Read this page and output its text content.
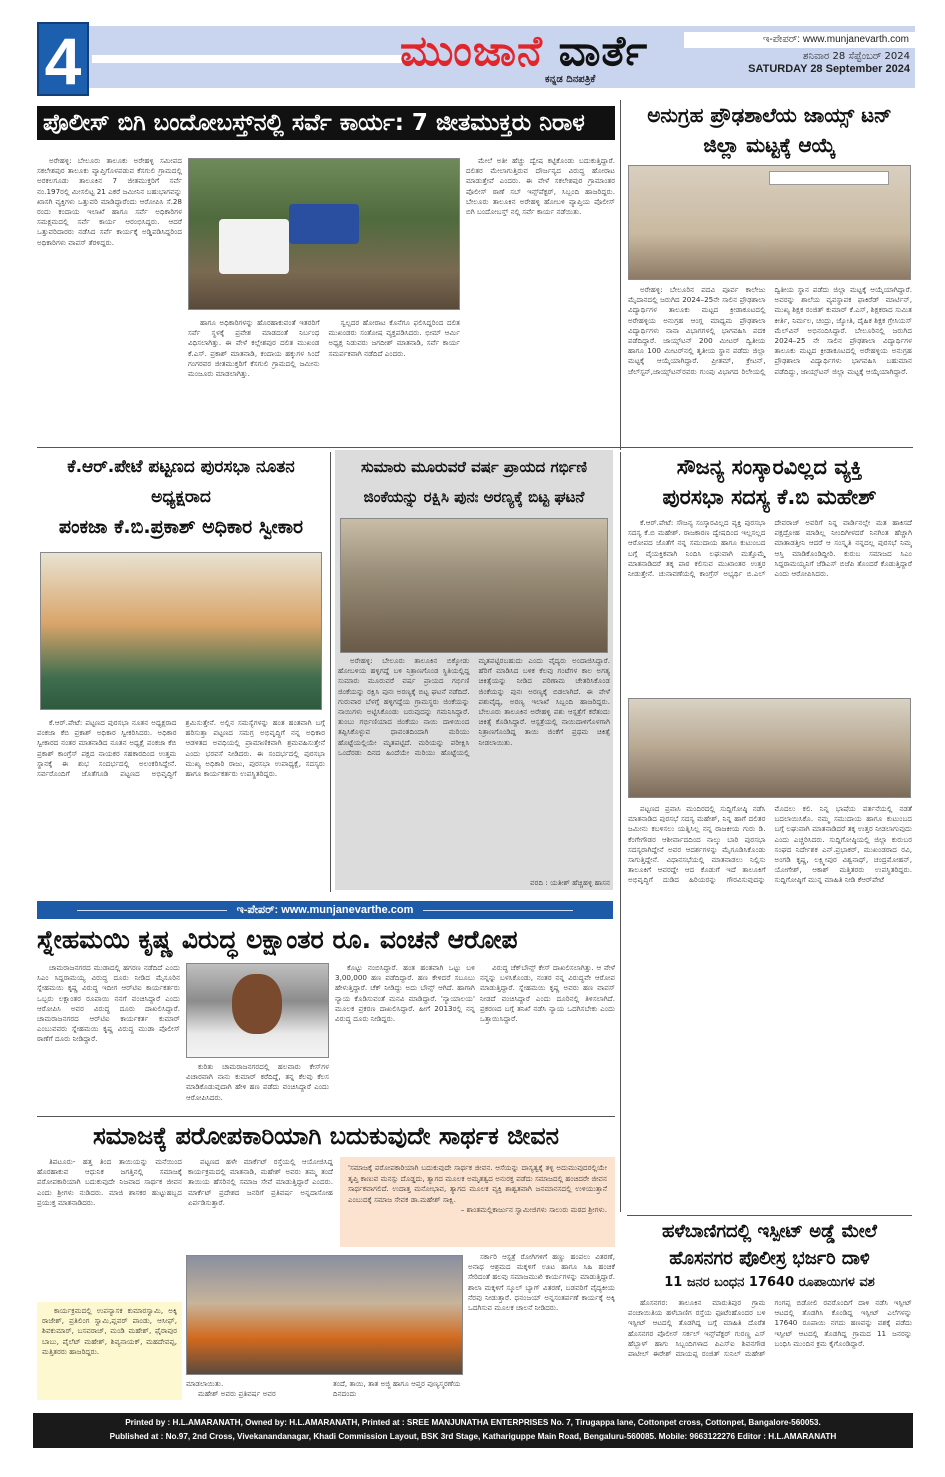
4	ಮುಂಜಾನೆ ವಾರ್ತೆ
ಕನ್ನಡ ದಿನಪತ್ರಿಕೆ
ಇ-ಪೇಪರ್: www.munjanevarth.com
ಶನಿವಾರ 28 ಸೆಪ್ಟೆಂಬರ್ 2024
SATURDAY 28 September 2024
ಪೊಲೀಸ್ ಬಿಗಿ ಬಂದೋಬಸ್ತ್‌ನಲ್ಲಿ ಸರ್ವೆ ಕಾರ್ಯ: 7 ಜೀತಮುಕ್ತರು ನಿರಾಳ

ಅರೇಹಳ್ಳಿ: ಬೇಲೂರು ತಾಲೂಕು ಅರೇಹಳ್ಳಿ ಸಮೀಪದ ಸಕಲೇಶಪುರ ತಾಲೂಕು ವ್ಯಾಪ್ತಿಗೊಳಪಡುವ ಕೆಸಗುಲಿ ಗ್ರಾಮದಲ್ಲಿ ಅರಕಲಗೂಡು ತಾಲೂಕಿನ 7 ಜೀತಮುಕ್ತರಿಗೆ ಸರ್ವೆ ನಂ.197ರಲ್ಲಿ ಮೀಸಲಿಟ್ಟ 21 ಎಕರೆ ಜಮೀನಿನ ಬಹುಭಾಗವನ್ನು ಖಾಸಗಿ ವ್ಯಕ್ತಿಗಳು ಒತ್ತುವರಿ ಮಾಡಿದ್ದಾರೆಂದು ಆರೋಪಿಸಿ ಸೆ.28 ರಂದು ಕಂದಾಯ ಇಲಾಖೆ ಹಾಗೂ ಸರ್ವೆ ಅಧಿಕಾರಿಗಳ ಸಮಕ್ಷಮದಲ್ಲಿ ಸರ್ವೆ ಕಾರ್ಯ ಆರಂಭಿಸಿದ್ದರು. ಆದರೆ ಒತ್ತುವರಿದಾರರು ನಡೆಸಿದ ಸರ್ವೆ ಕಾರ್ಯಕ್ಕೆ ಅಡ್ಡಿಪಡಿಸಿದ್ದರಿಂದ ಅಧಿಕಾರಿಗಳು ವಾಪಸ್ ತೆರಳಿದ್ದರು.

ಹಾಗೂ ಅಧಿಕಾರಿಗಳನ್ನು ಹೊರಹಾಕುವಂತೆ ಇತರರಿಗೆ ಸರ್ವೆ ಸ್ಥಳಕ್ಕೆ ಪ್ರವೇಶ ಮಾಡದಂತೆ ನಿರ್ಬಂಧ ವಿಧಿಸಲಾಗಿತ್ತು. ಈ ವೇಳೆ ಕಲ್ಲೇಶಪುರ ದಲಿತ ಮುಖಂಡ ಕೆ.ಎಸ್. ಪ್ರಕಾಶ್ ಮಾತನಾಡಿ, ಕಂದಾಯ ಹಕ್ಕುಗಳ ಸಿಂದೆ ಗಂಗರವರ ಜೀತಮುಕ್ತರಿಗೆ ಕೆಸಗುಲಿ ಗ್ರಾಮದಲ್ಲಿ ಜಮೀನು ಮಂಜೂರು ಮಾಡಲಾಗಿತ್ತು.

ಸ್ವಲ್ಪದರ ಹೋರಾಟ ಕೊನೆಗೂ ಫಲಿಸಿದ್ದರಿಂದ ದಲಿತ ಮುಖಂಡರು ಸಂತೋಷ ವ್ಯಕ್ತಪಡಿಸಿದರು. ಭೀಮ್ ಆರ್ಮಿ ಅಧ್ಯಕ್ಷ ನಿಡುವರು ಜಗದೀಶ್ ಮಾತನಾಡಿ, ಸರ್ವೆ ಕಾರ್ಯ ಸಮರ್ಪಕವಾಗಿ ನಡೆದಿದೆ ಎಂದರು.

ಮೇಲೆ ಅತೀ ಹೆಚ್ಚು ದ್ವೇಷ ಕಟ್ಟಿಕೊಂಡು ಬದುಕುತ್ತಿದ್ದಾರೆ. ದಲಿತರ ಮೇಲಾಗುತ್ತಿರುವ ದೌರ್ಜನ್ಯದ ವಿರುದ್ಧ ಹೋರಾಟ ಮಾಡುತ್ತೇವೆ ಎಂದರು. ಈ ವೇಳೆ ಸಕಲೇಶಪುರ ಗ್ರಾಮಾಂತರ ಪೊಲೀಸ್ ಠಾಣೆ ಸಬ್ ಇನ್ಸ್‌ಪೆಕ್ಟರ್, ಸಿಬ್ಬಂದಿ ಹಾಜರಿದ್ದರು. ಬೇಲೂರು ತಾಲೂಕಿನ ಅರೇಹಳ್ಳಿ ಹೋಬಳಿ ವ್ಯಾಪ್ತಿಯ ಪೊಲೀಸ್ ಬಿಗಿ ಬಂದೋಬಸ್ತ್ ನಲ್ಲಿ ಸರ್ವೆ ಕಾರ್ಯ ನಡೆಯಿತು.

ಅನುಗ್ರಹ ಪ್ರೌಢಶಾಲೆಯ ಜಾಯ್ಸ್ ಟನ್ ಜಿಲ್ಲಾ ಮಟ್ಟಕ್ಕೆ ಆಯ್ಕೆ

ಅರೇಹಳ್ಳಿ: ಬೇಲೂರಿನ ಪದವಿ ಪೂರ್ವ ಕಾಲೇಜು ಮೈದಾನದಲ್ಲಿ ಜರುಗಿದ 2024–25ನೇ ಸಾಲಿನ ಪ್ರೌಢಶಾಲಾ ವಿದ್ಯಾರ್ಥಿಗಳ ತಾಲೂಕು ಮಟ್ಟದ ಕ್ರೀಡಾಕೂಟದಲ್ಲಿ ಅರೇಹಳ್ಳಿಯ ಅನುಗ್ರಹ ಆಂಗ್ಲ ಮಾಧ್ಯಮ ಪ್ರೌಢಶಾಲಾ ವಿದ್ಯಾರ್ಥಿಗಳು ನಾನಾ ವಿಭಾಗಗಳಲ್ಲಿ ಭಾಗವಹಿಸಿ ಪದಕ ಪಡೆದಿದ್ದಾರೆ. ಜಾಯ್ಸ್‌ಟನ್ 200 ಮೀಟರ್ ದ್ವಿತೀಯ ಹಾಗೂ 100 ಮೀಟರ್‌ನಲ್ಲಿ ತೃತೀಯ ಸ್ಥಾನ ಪಡೆದು ಜಿಲ್ಲಾ ಮಟ್ಟಕ್ಕೆ ಆಯ್ಕೆಯಾಗಿದ್ದಾರೆ. ಪ್ರೀತಮ್, ಕ್ರೇಟನ್, ಜೆಲ್‌ಸ್ಟನ್,ಜಾಯ್ಸ್‌ಟನ್‌ರವರು ಗುಂಪು ವಿಭಾಗದ ರಿಲೇಯಲ್ಲಿ ದ್ವಿತೀಯ ಸ್ಥಾನ ಪಡೆದು ಜಿಲ್ಲಾ ಮಟ್ಟಕ್ಕೆ ಆಯ್ಕೆಯಾಗಿದ್ದಾರೆ. ಅವರನ್ನು ಶಾಲೆಯ ವ್ಯವಸ್ಥಾಪಕ ಫಾಕಿರೆಡ್ ಮಾರ್ಟಿನ್, ಮುಖ್ಯ ಶಿಕ್ಷಕ ರಂಜಿತ್ ಕುಮಾರ್ ಕೆ.ಎಸ್, ಶಿಕ್ಷಕರಾದ ಸುಮಿತ ಕೀರ್ತಿ, ನಿರ್ಮಲ, ಚಂದ್ರು, ಜ್ಯೋತಿ, ದೈಹಿಕ ಶಿಕ್ಷಕ ಗ್ರೇಸಿಯಸ್ ಮೆಲ್‌ವಿನ್ ಅಭಿನಂದಿಸಿದ್ದಾರೆ. ಬೇಲೂರಿನಲ್ಲಿ ಜರುಗಿದ 2024–25 ನೇ ಸಾಲಿನ ಪ್ರೌಢಶಾಲಾ ವಿದ್ಯಾರ್ಥಿಗಳ ತಾಲೂಕು ಮಟ್ಟದ ಕ್ರೀಡಾಕೂಟದಲ್ಲಿ ಅರೇಹಳ್ಳಿಯ ಅನುಗ್ರಹ ಪ್ರೌಢಶಾಲಾ ವಿದ್ಯಾರ್ಥಿಗಳು ಭಾಗವಹಿಸಿ ಬಹುಮಾನ ಪಡೆದಿದ್ದು, ಜಾಯ್ಸ್‌ಟನ್ ಜಿಲ್ಲಾ ಮಟ್ಟಕ್ಕೆ ಆಯ್ಕೆಯಾಗಿದ್ದಾರೆ.

ಕೆ.ಆರ್.ಪೇಟೆ ಪಟ್ಟಣದ ಪುರಸಭಾ ನೂತನ ಅಧ್ಯಕ್ಷರಾದ
ಪಂಕಜಾ ಕೆ.ಬಿ.ಪ್ರಕಾಶ್ ಅಧಿಕಾರ ಸ್ವೀಕಾರ

ಕೆ.ಆರ್.ಪೇಟೆ: ಪಟ್ಟಣದ ಪುರಸಭಾ ನೂತನ ಅಧ್ಯಕ್ಷರಾದ ಪಂಕಜಾ ಕೆಬಿ ಪ್ರಕಾಶ್ ಅಧಿಕಾರ ಸ್ವೀಕರಿಸಿದರು. ಅಧಿಕಾರ ಸ್ವೀಕಾರದ ನಂತರ ಮಾತನಾಡಿದ ನೂತನ ಅಧ್ಯಕ್ಷೆ ಪಂಕಜಾ ಕೆಬಿ ಪ್ರಕಾಶ್ ಕಾಂಗ್ರೆಸ್ ಪಕ್ಷದ ನಾಯಕರ ಸಹಕಾರದಿಂದ ಉತ್ತಮ ಸ್ಥಾನಕ್ಕೆ ಈ ಶುಭ ಸಂದರ್ಭದಲ್ಲಿ ಅಲಂಕರಿಸಿದ್ದೇನೆ. ಸರ್ವರೊಂದಿಗೆ ಜೊತೆಗೂಡಿ ಪಟ್ಟಣದ ಅಭಿವೃದ್ಧಿಗೆ ಶ್ರಮಿಸುತ್ತೇನೆ. ಅಲ್ಲಿನ ಸಮಸ್ಯೆಗಳನ್ನು ಹಂತ ಹಂತವಾಗಿ ಬಗ್ಗೆ ಹರಿಸುತ್ತಾ ಪಟ್ಟಣದ ಸಮಗ್ರ ಅಭಿವೃದ್ಧಿಗೆ ನನ್ನ ಅಧಿಕಾರ ಆಡಳಿತದ ಅವಧಿಯಲ್ಲಿ ಪ್ರಾಮಾಣಿಕವಾಗಿ ಶ್ರಮವಹಿಸುತ್ತೇನೆ ಎಂದು ಭರವಸೆ ನೀಡಿದರು. ಈ ಸಂದರ್ಭದಲ್ಲಿ ಪುರಸಭಾ ಮುಖ್ಯ ಅಧಿಕಾರಿ ರಾಜು, ಪುರಸಭಾ ಉಪಾಧ್ಯಕ್ಷೆ, ಸದಸ್ಯರು ಹಾಗೂ ಕಾರ್ಯಕರ್ತರು ಉಪಸ್ಥಿತರಿದ್ದರು.

ಸುಮಾರು ಮೂರುವರೆ ವರ್ಷ ಪ್ರಾಯದ ಗರ್ಭಿಣಿ
ಜಿಂಕೆಯನ್ನು ರಕ್ಷಿಸಿ ಪುನಃ ಅರಣ್ಯಕ್ಕೆ ಬಿಟ್ಟ ಘಟನೆ

ಅರೇಹಳ್ಳಿ: ಬೇಲೂರು ತಾಲೂಕಿನ ಬಿಕ್ಕೋಡು ಹೋಬಳಿಯ ಹಳ್ಳಿಗದ್ದೆ ಬಳಿ ನಿತ್ರಾಣಗೊಂಡ ಸ್ಥಿತಿಯಲ್ಲಿದ್ದ ಸುಮಾರು ಮೂರುವರೆ ವರ್ಷ ಪ್ರಾಯದ ಗರ್ಭಿಣಿ ಜಿಂಕೆಯನ್ನು ರಕ್ಷಿಸಿ ಪುನಃ ಅರಣ್ಯಕ್ಕೆ ಬಿಟ್ಟ ಘಟನೆ ನಡೆದಿದೆ. ಗುರುವಾರ ಬೆಳಗ್ಗೆ ಹಳ್ಳಿಗದ್ದೆಯ ಗ್ರಾಮಸ್ಥರು ಜಿಂಕೆಯನ್ನು ನಾಯಿಗಳು ಅಟ್ಟಿಸಿಕೊಂಡು ಬರುವುದನ್ನು ಗಮನಿಸಿದ್ದಾರೆ. ತುಂಬು ಗರ್ಭಿಣಿಯಾದ ಜಿಂಕೆಯು ನಾಯಿ ದಾಳಿಯಿಂದ ತಪ್ಪಿಸಿಕೊಳ್ಳುವ ಧಾವಂತದಿಂದಾಗಿ ಮರಿಯು ಹೊಟ್ಟೆಯಲ್ಲಿಯೇ ಮೃತಪಟ್ಟಿದೆ. ಮರಿಯನ್ನು ಪರೀಕ್ಷಿಸಿ ಒಂದೆರಡು ದಿನದ ಹಿಂದೆಯೇ ಮರಿಯು ಹೊಟ್ಟೆಯಲ್ಲಿ ಮೃತಪಟ್ಟಿರಬಹುದು ಎಂದು ವೈದ್ಯರು ಅಂದಾಜಿಸಿದ್ದಾರೆ. ಹೆರಿಗೆ ಮಾಡಿಸಿದ ಬಳಿಕ ಕೆಲವು ಗಂಟೆಗಳ ಕಾಲ ಅಗತ್ಯ ಚಿಕಿತ್ಸೆಯನ್ನು ನೀಡಿದ ಪರಿಣಾಮ ಚೇತರಿಸಿಕೊಂಡ ಜಿಂಕೆಯನ್ನು ಪುನಃ ಅರಣ್ಯಕ್ಕೆ ಬಿಡಲಾಗಿದೆ. ಈ ವೇಳೆ ಪಶುವೈದ್ಯ, ಅರಣ್ಯ ಇಲಾಖೆ ಸಿಬ್ಬಂದಿ ಹಾಜರಿದ್ದರು. ಬೇಲೂರು ತಾಲೂಕಿನ ಅರೇಹಳ್ಳಿ ಪಶು ಆಸ್ಪತ್ರೆಗೆ ಕರೆತಂದು ಚಿಕಿತ್ಸೆ ಕೊಡಿಸಿದ್ದಾರೆ. ಆಸ್ಪತ್ರೆಯಲ್ಲಿ ನಾಯಿದಾಳಿಗೊಳಗಾಗಿ ನಿತ್ರಾಣಗೊಂಡಿದ್ದ ತಾಯಿ ಜಿಂಕೆಗೆ ಪ್ರಥಮ ಚಿಕಿತ್ಸೆ ನೀಡಲಾಯಿತು.

ವರದಿ : ಯತೀಶ್ ಹೆಚ್ಚಿಹಳ್ಳಿ ಹಾಸನ
ಸೌಜನ್ಯ ಸಂಸ್ಕಾರವಿಲ್ಲದ ವ್ಯಕ್ತಿ
ಪುರಸಭಾ ಸದಸ್ಯ ಕೆ.ಬಿ ಮಹೇಶ್

ಕೆ.ಆರ್.ಪೇಟೆ: ಸೌಜನ್ಯ ಸಂಸ್ಕಾರವಿಲ್ಲದ ವ್ಯಕ್ತಿ ಪುರಸಭಾ ಸದಸ್ಯ ಕೆ.ಬಿ ಮಹೇಶ್. ರಾಜಕಾರಣ ದ್ವೇಷದಿಂದ ಇಲ್ಲಸಲ್ಲದ ಆರೋಪದ ಜೊತೆಗೆ ನನ್ನ ಸಮುದಾಯ ಹಾಗೂ ಕುಟುಂಬದ ಬಗ್ಗೆ ವೈಯಕ್ತಿಕವಾಗಿ ನಿಂದಿಸಿ ಲಘುವಾಗಿ ಮತ್ತೊಮ್ಮೆ ಮಾತನಾಡಿದರೆ ತಕ್ಕ ಪಾಠ ಕಲಿಸುವ ಮುಖಾಂತರ ಉತ್ತರ ನೀಡುತ್ತೇನೆ. ಚುನಾವಣೆಯಲ್ಲಿ ಕಾಂಗ್ರೆಸ್ ಅಭ್ಯರ್ಥಿ ಬಿ.ಎಲ್ ದೇವರಾಜ್ ಅವರಿಗೆ ನಿನ್ನ ವಾರ್ಡಿನಲ್ಲೇ ಮತ ಹಾಕಿಸದೆ ಪಕ್ಷದ್ರೋಹ ಮಾಡಿಲ್ಲ ನೀಂದಿಗೀಳದರೆ ನಿನಗಿಂತ ಹೆಚ್ಚಾಗಿ ಮಾತಾಡತ್ತೀನಿ ಆದರೆ ಆ ಸಂಸ್ಕೃತಿ ನನ್ನದಲ್ಲ ಪುರಸಭೆ ನಿಮ್ಮ ಆಸ್ತಿ ಮಾಡಿಕೊಂಡಿದ್ದೀರಿ. ಕುರುಬ ಸಮಾಜದ ಸಿಎಂ ಸಿದ್ದರಾಮಯ್ಯನಿಗೆ ಜೆಡಿಎಸ್ ಬಿಜೆಪಿ ತೊಂದರೆ ಕೊಡುತ್ತಿದ್ದಾರೆ ಎಂದು ಆರೋಪಿಸಿದರು.

ಪಟ್ಟಣದ ಪ್ರವಾಸಿ ಮಂದಿರದಲ್ಲಿ ಸುದ್ದಿಗೋಷ್ಠಿ ನಡೆಸಿ ಮಾತನಾಡಿದ ಪುರಸಭೆ ಸದಸ್ಯ ಮಹೇಶ್, ನಿನ್ನ ಹಾಗೆ ದಲಿತರ ಜಮೀನು ಕಬಳಿಸಲು ಯತ್ನಿಸಿಲ್ಲ ನನ್ನ ರಾಜಕೀಯ ಗುರು ಡಿ. ಕೆಂಗೇಗೌಡರ ಆಶೀರ್ವಾದದಿಂದ ನಾಲ್ಕು ಬಾರಿ ಪುರಸಭಾ ಸದಸ್ಯರಾಗಿದ್ದೇನೆ ಅವರ ಆದರ್ಶಗಳನ್ನು ಮೈಗೂಡಿಸಿಕೊಂಡು ಸಾಗುತ್ತಿದ್ದೇನೆ. ವಿಧಾನಸಭೆಯಲ್ಲಿ ಮಾತನಾಡಲು ನಿಲ್ಲಿಸು ತಾಲೂಕಿಗೆ ಆವರದ್ದೇ ಆದ ಕೊಡುಗೆ ಇದೆ ತಾಲೂಕಿಗೆ ಅಭಿವೃದ್ಧಿಗೆ ದುಡಿದ ಹಿರಿಯರನ್ನು ಗೌರವಿಸುವುದನ್ನು ಮೊದಲು ಕಲಿ. ನಿನ್ನ ಭಾಷೆಯ ವರ್ತನೆಯಲ್ಲಿ ನಡತೆ ಬದಲಾಯಿಸಿಕೊ. ನಮ್ಮ ಸಮುದಾಯ ಹಾಗೂ ಕುಟುಂಬದ ಬಗ್ಗೆ ಲಘುವಾಗಿ ಮಾತನಾಡಿದರೆ ತಕ್ಕ ಉತ್ತರ ನೀಡಲಾಗುವುದು ಎಂದು ಎಚ್ಚರಿಸಿದರು. ಸುದ್ದಿಗೋಷ್ಠಿಯಲ್ಲಿ ಜಿಲ್ಲಾ ಕುರುಬರ ಸಂಘದ ನಿರ್ದೇಶಕ ಎನ್.ಪ್ರಭಾಕರ್, ಮುಖಂಡರಾದ ರವಿ, ಅಂಗಡಿ ಕೃಷ್ಣ, ಲಕ್ಷ್ಮೀಪುರ ವಿಶ್ವನಾಥ್, ಚಂದ್ರಮೋಹನ್, ಯೋಗೇಶ್, ಆಕಾಶ್ ಮತ್ತಿತರರು ಉಪಸ್ಥಿತರಿದ್ದರು. ಸುದ್ದಿಗೋಷ್ಠಿಗೆ ಮುನ್ನ ಮಾಹಿತಿ ನೀಡಿ ಕೆಆರ್‌ಪೇಟೆ

ಇ-ಪೇಪರ್: www.munjanevarthe.com
ಸ್ನೇಹಮಯಿ ಕೃಷ್ಣ ವಿರುದ್ಧ ಲಕ್ಷಾಂತರ ರೂ. ವಂಚನೆ ಆರೋಪ

ಚಾಮರಾಜನಗರದ ಮುಡಾದಲ್ಲಿ ಹಗರಣ ನಡೆದಿದೆ ಎಂದು ಸಿಎಂ ಸಿದ್ದರಾಮಯ್ಯ ವಿರುದ್ಧ ದೂರು ನೀಡಿದ ಮೈಸೂರಿನ ಸ್ನೇಹಮಯಿ ಕೃಷ್ಣ ವಿರುದ್ಧ ಇದೀಗ ಆರ್‌ಟಿಐ ಕಾರ್ಯಕರ್ತರು ಒಬ್ಬರು ಲಕ್ಷಾಂತರ ರೂಪಾಯಿ ನನಗೆ ವಂಚಿಸಿದ್ದಾರೆ ಎಂದು ಆರೋಪಿಸಿ ಅವರ ವಿರುದ್ಧ ದೂರು ದಾಖಲಿಸಿದ್ದಾರೆ. ಚಾಮರಾಜನಗರದ ಆರ್‌ಟಿಐ ಕಾರ್ಯಕರ್ತ ಕುಮಾರ್ ಎಂಬುವವರು ಸ್ನೇಹಮಯಿ ಕೃಷ್ಣ ವಿರುದ್ಧ ಮುಡಾ ಪೊಲೀಸ್ ಠಾಣೆಗೆ ದೂರು ನೀಡಿದ್ದಾರೆ.

ಕುರಿತು ಚಾಮರಾಜನಗರದಲ್ಲಿ ಹಲವಾರು ಕೇಸ್‌ಗಳ ವಿಚಾರವಾಗಿ ನಾನು ಕುಮಾರ್ ಕರೆದಿದ್ದೆ, ತನ್ನ ಕೆಲವು ಕೆಲಸ ಮಾಡಿಕೊಡುವುದಾಗಿ ಹೇಳಿ ಹಣ ಪಡೆದು ವಂಚಿಸಿದ್ದಾರೆ ಎಂದು ಆರೋಪಿಸಿದರು.

ಕೊಟ್ಟು ನಂಬಿಸಿದ್ದಾರೆ. ಹಂತ ಹಂತವಾಗಿ ಒಟ್ಟು ಬಳಿ 3,00,000 ಹಣ ಪಡೆದಿದ್ದಾರೆ. ಹಣ ಕೇಳಿದರೆ ಸಬೂಬು ಹೇಳುತ್ತಿದ್ದಾರೆ. ಚೆಕ್ ನೀಡಿದ್ದು ಅದು ಬೌನ್ಸ್ ಆಗಿದೆ. ಹಾಗಾಗಿ ನ್ಯಾಯ ಕೊಡಿಸುವಂತೆ ಮನವಿ ಮಾಡಿದ್ದಾರೆ. 'ನ್ಯಾಯಾಲಯ' ಮೂಲಕ ಪ್ರಕರಣ ದಾಖಲಿಸಿದ್ದಾರೆ. ಹೀಗೆ 2013ರಲ್ಲಿ ನನ್ನ ವಿರುದ್ಧ ದೂರು ನೀಡಿದ್ದರು.

ವಿರುದ್ಧ ಚೆಕ್‌ಬೌನ್ಸ್ ಕೇಸ್ ದಾಖಲಿಸಲಾಗಿತ್ತು. ಆ ವೇಳೆ ನನ್ನನ್ನು ಬಳಸಿಕೊಂಡು, ನಂತರ ನನ್ನ ವಿರುದ್ಧವೇ ಆರೋಪ ಮಾಡುತ್ತಿದ್ದಾರೆ. ಸ್ನೇಹಮಯಿ ಕೃಷ್ಣ ಅವರು ಹಣ ವಾಪಸ್ ನೀಡದೆ ವಂಚಿಸಿದ್ದಾರೆ ಎಂದು ದೂರಿನಲ್ಲಿ ತಿಳಿಸಲಾಗಿದೆ. ಪ್ರಕರಣದ ಬಗ್ಗೆ ತನಿಖೆ ನಡೆಸಿ ನ್ಯಾಯ ಒದಗಿಸಬೇಕು ಎಂದು ಒತ್ತಾಯಿಸಿದ್ದಾರೆ.

ಸಮಾಜಕ್ಕೆ ಪರೋಪಕಾರಿಯಾಗಿ ಬದುಕುವುದೇ ಸಾರ್ಥಕ ಜೀವನ

ತಿಪಟೂರು- ಹತ್ತ ತಿಂದ ತಾಯಿಯನ್ನು ಮನೆಯಿಂದ ಹೊರಹಾಕುವ ಆಧುನಿಕ ಜಗತ್ತಿನಲ್ಲಿ ಸಮಾಜಕ್ಕೆ ಪರೋಪಕಾರಿಯಾಗಿ ಬದುಕುವುದೇ ನಿಜವಾದ ಸಾರ್ಥಕ ಜೀವನ ಎಂದು ಶ್ರೀಗಳು ನುಡಿದರು. ಮಾಜಿ ಶಾಸಕರ ಹುಟ್ಟುಹಬ್ಬದ ಪ್ರಯುಕ್ತ ಮಾತನಾಡಿದರು.

ಕಾರ್ಯಕ್ರಮದಲ್ಲಿ ಉಪನ್ಯಾಸಕ ಕುಮಾರಸ್ವಾಮಿ, ಅಕ್ಕಿ ರಾಜೇಶ್, ಪ್ರತಿಲಿಂಗ ಸ್ವಾಮಿ,ಪ್ಲವರ್ ಪಾಂಡು, ಆಸೀಫ್, ಶಿವಕುಮಾರ್, ಬಸವರಾಜ್, ಮಂಡಿ ಮಹೇಶ್, ಫೈರಾಪುರ ಬಾಬು, ಪೈಲೆಟ್ ಮಹೇಶ್, ಶಿವ್ಯನಾಯಕ್, ಮಹದೇವಪ್ಪ, ಮತ್ತಿತರರು ಹಾಜರಿದ್ದರು.

ಪಟ್ಟಣದ ಹಳೇ ಮಾರ್ಕೆಟ್ ರಸ್ತೆಯಲ್ಲಿ ಆಯೋಜಿಸಿದ್ದ ಕಾರ್ಯಕ್ರಮದಲ್ಲಿ ಮಾತನಾಡಿ, ಮಹೇಶ್ ಅವರು ತಮ್ಮ ತಂದೆ ತಾಯಿಯ ಹೆಸರಿನಲ್ಲಿ ಸಮಾಜ ಸೇವೆ ಮಾಡುತ್ತಿದ್ದಾರೆ ಎಂದರು. ಮಾರ್ಕೆಟ್ ಪ್ರದೇಶದ ಜನರಿಗೆ ಪ್ರತಿವರ್ಷ ಅನ್ನದಾಸೋಹ ಏರ್ಪಡಿಸುತ್ತಾರೆ.

'ಸಮಾಜಕ್ಕೆ ಪರೋಪಕಾರಿಯಾಗಿ ಬದುಕುವುದೇ ಸಾರ್ಥಕ ಜೀವನ. ಆಸೆಯನ್ನು ದಾಸ್ಯತ್ವಕ್ಕೆ ತಳ್ಳಿ ಅದುಮುವುದರಲ್ಲಿಯೇ ತೃಪ್ತಿ ಕಾಣುವ ಮನಸ್ಸು ದೊಡ್ಡದು, ತ್ಯಾಗದ ಮೂಲಕ ಅಮೃತತ್ವದ ಅನುರಕ್ತ ಪಡೆದು ಸಮಾಜದಲ್ಲಿ ಹಂಚಿದರೇ ಜೀವನ ಸಾರ್ಥಕವಾಗಲಿದೆ. ಉದಾತ್ತ ಮನೋಭಾವ, ತ್ಯಾಗದ ಮೂಲಕ ವ್ಯಕ್ತಿ ಶಾಶ್ವತವಾಗಿ ಜನಮಾನಸದಲ್ಲಿ ಉಳಿಯುತ್ತಾನೆ ಎಂಬುದಕ್ಕೆ ಸಮಾಜ ಸೇವಕ ಡಾ.ಮಹೇಶ್ ಸಾಕ್ಷಿ.

– ಶಾಂತಮಲ್ಲಿಕಾರ್ಜುನ ಸ್ವಾಮೀಜಿಗಳು ಸಾಲುರು ಮಠದ ಶ್ರೀಗಳು.

ಮಾಡಲಾಯಿತು.
ಮಹೇಶ್ ಅವರು ಪ್ರತಿವರ್ಷ ಅವರ
ತಂದೆ, ತಾಯಿ, ತಾತ ಅಜ್ಜಿ ಹಾಗೂ ಆಪ್ತರ ಪುಣ್ಯಸ್ಮರಣೆಯ ದಿನದಂದು

ಸರ್ಕಾರಿ ಆಸ್ಪತ್ರೆ ರೋಗಿಗಳಿಗೆ ಹಣ್ಣು ಹಂಪಲು ವಿತರಣೆ, ಅನಾಥ ಆಶ್ರಮದ ಮಕ್ಕಳಿಗೆ ಊಟ ಹಾಗೂ ಸಿಹಿ ಹಂಚಿಕೆ ಸೇರಿದಂತೆ ಹಲವು ಸಮಾಜಮುಖಿ ಕಾರ್ಯಗಳನ್ನು ಮಾಡುತ್ತಿದ್ದಾರೆ. ಶಾಲಾ ಮಕ್ಕಳಿಗೆ ಸ್ಕೂಲ್ ಬ್ಯಾಗ್ ವಿತರಣೆ, ಬಡವರಿಗೆ ವೈದ್ಯಕೀಯ ನೆರವು ನೀಡುತ್ತಾರೆ. ಧನಂಜಯ್ ಅನ್ನಸಂತರ್ಪಣೆ ಕಾರ್ಯಕ್ಕೆ ಅಕ್ಕಿ ಒದಗಿಸುವ ಮೂಲಕ ಚಾಲನೆ ನೀಡಿದರು.

ಹಳೆಬಾಣಿಗದಲ್ಲಿ ಇಸ್ಪೀಟ್ ಅಡ್ಡೆ ಮೇಲೆ
ಹೊಸನಗರ ಪೊಲೀಸ್ರ ಭರ್ಜರಿ ದಾಳಿ
11 ಜನರ ಬಂಧನ 17640 ರೂಪಾಯಿಗಳ ವಶ

ಹೊಸನಗರ: ತಾಲೂಕಿನ ಮಾರುತಿಪುರ ಗ್ರಾಮ ಪಂಚಾಯಿತಿಯ ಹಳೆಬಾಣಿಗ ರಸ್ತೆಯ ಫೂಟೆಂಹೊಂದರ ಬಳಿ ಇಸ್ಪೀಟ್ ಆಟದಲ್ಲಿ ತೊಡಗಿದ್ದ ಬಗ್ಗೆ ಮಾಹಿತಿ ದೊರೆತ ಹೊಸನಗರ ಪೊಲೀಸ್ ಸರ್ಕಲ್ ಇನ್ಸ್‌ಪೆಕ್ಟರ್ ಗುರಣ್ಣ ಎಸ್ ಹೆಬ್ಬಾಳ್ ಹಾಗು ಸಿಬ್ಬಂದಿಗಳಾದ ಪಿಎಸ್‌ಐ ಶಿವನಗೌಡ ಪಾಟೀಲ್ ಈರೇಶ್ ಮಾಯಪ್ಪ ರಂಜಿತ್ ಸುನಿಲ್ ಮಹೇಶ್ ಗಂಗಪ್ಪ ಬಿಡೋಲಿ ರವರೊಂದಿಗೆ ದಾಳಿ ನಡೆಸಿ ಇಸ್ಪೀಟ್ ಆಟದಲ್ಲಿ ತೊಡಗಿಸಿ ಕೊಂಡಿದ್ದ ಇಸ್ಪೀಟ್ ಎಲೆಗಳನ್ನು 17640 ರೂಪಾಯಿ ನಗದು ಹಣವನ್ನು ವಶಕ್ಕೆ ಪಡೆದು ಇಸ್ಪೀಟ್ ಆಟದಲ್ಲಿ ತೊಡಗಿದ್ದ ಗ್ರಾಮದ 11 ಜನರನ್ನು ಬಂಧಿಸಿ ಮುಂದಿನ ಕ್ರಮ ಕೈಗೊಂಡಿದ್ದಾರೆ.

Printed by : H.L.AMARANATH, Owned by: H.L.AMARANATH, Printed at : SREE MANJUNATHA ENTERPRISES No. 7, Tirugappa lane, Cottonpet cross, Cottonpet, Bangalore-560053.
Published at : No.97, 2nd Cross, Vivekanandanagar, Khadi Commission Layout, BSK 3rd Stage, Kathariguppe Main Road, Bengaluru-560085. Mobile: 9663122276 Editor : H.L.AMARANATH
